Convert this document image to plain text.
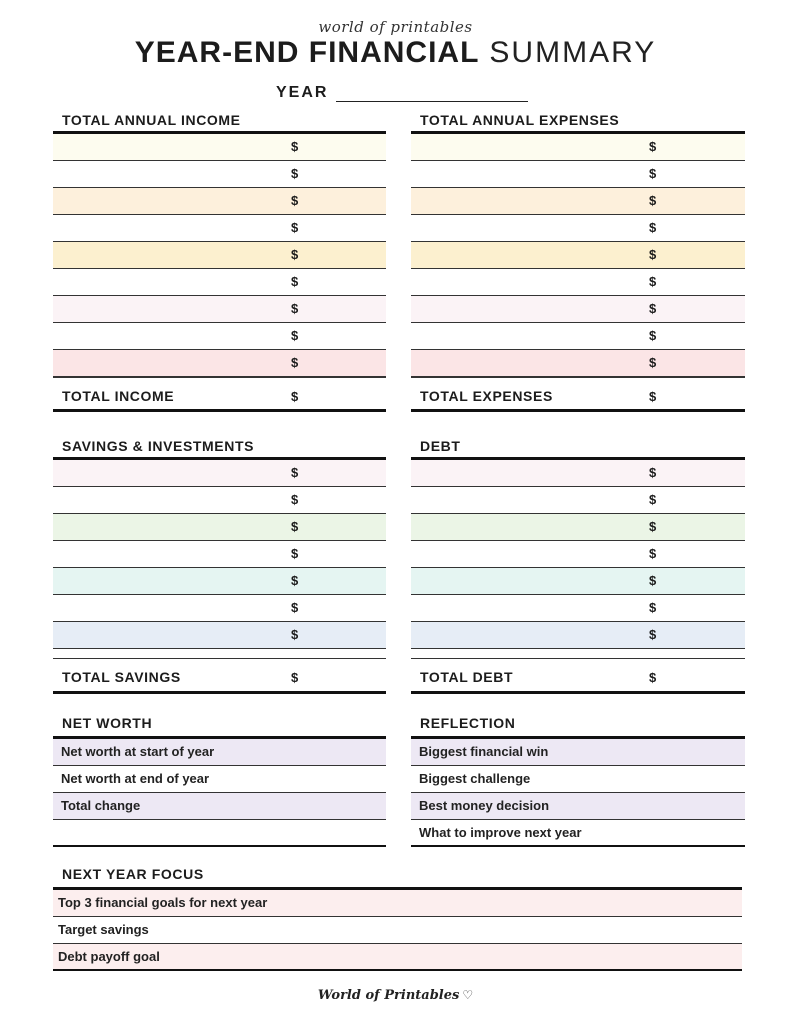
world of printables
YEAR-END FINANCIAL SUMMARY
YEAR
TOTAL ANNUAL INCOME
$
$
$
$
$
$
$
$
$
TOTAL INCOME	$
TOTAL ANNUAL EXPENSES
$
$
$
$
$
$
$
$
$
TOTAL EXPENSES	$
SAVINGS & INVESTMENTS
$
$
$
$
$
$
$
TOTAL SAVINGS	$
DEBT
$
$
$
$
$
$
$
TOTAL DEBT	$
NET WORTH
Net worth at start of year
Net worth at end of year
Total change
REFLECTION
Biggest financial win
Biggest challenge
Best money decision
What to improve next year
NEXT YEAR FOCUS
Top 3 financial goals for next year
Target savings
Debt payoff goal
World of Printables ♡
